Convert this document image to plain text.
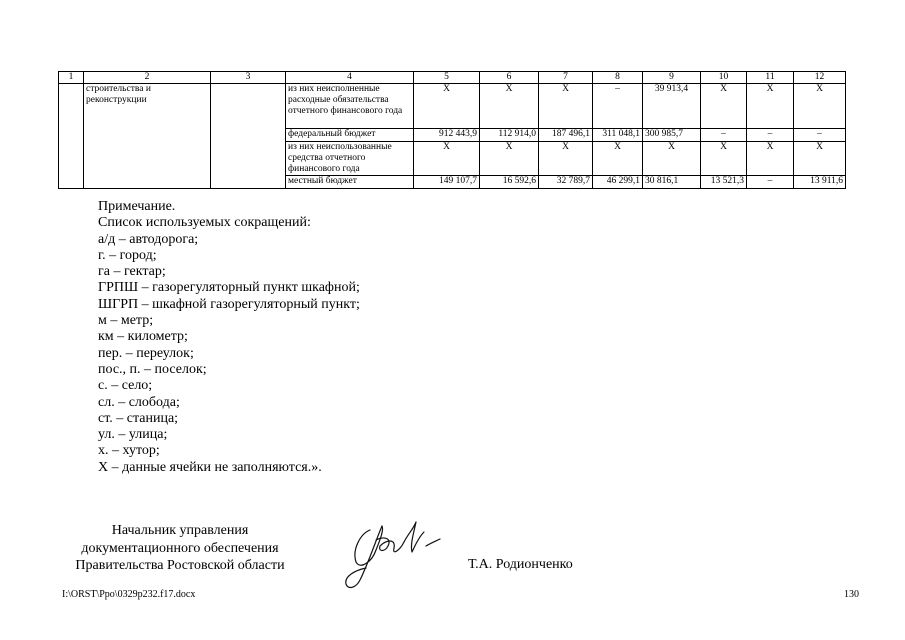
1	2	3	4	5	6	7	8	9	10	11	12
	строительства и реконструкции		из них неисполненные расходные обязательства отчетного финансового года	X	X	X	–	39 913,4	X	X	X
			федеральный бюджет	912 443,9	112 914,0	187 496,1	311 048,1	300 985,7	–	–	–
			из них неиспользованные средства отчетного финансового года	X	X	X	X	X	X	X	X
			местный бюджет	149 107,7	16 592,6	32 789,7	46 299,1	30 816,1	13 521,3	–	13 911,6
Примечание.
Список используемых сокращений:
а/д – автодорога;
г. – город;
га – гектар;
ГРПШ – газорегуляторный пункт шкафной;
ШГРП – шкафной газорегуляторный пункт;
м – метр;
км – километр;
пер. – переулок;
пос., п. – поселок;
с. – село;
сл. – слобода;
ст. – станица;
ул. – улица;
х. – хутор;
Х – данные ячейки не заполняются.».
Начальник управления
документационного обеспечения
Правительства Ростовской области	Т.А. Родионченко
I:\ORST\Ppo\0329p232.f17.docx	130
